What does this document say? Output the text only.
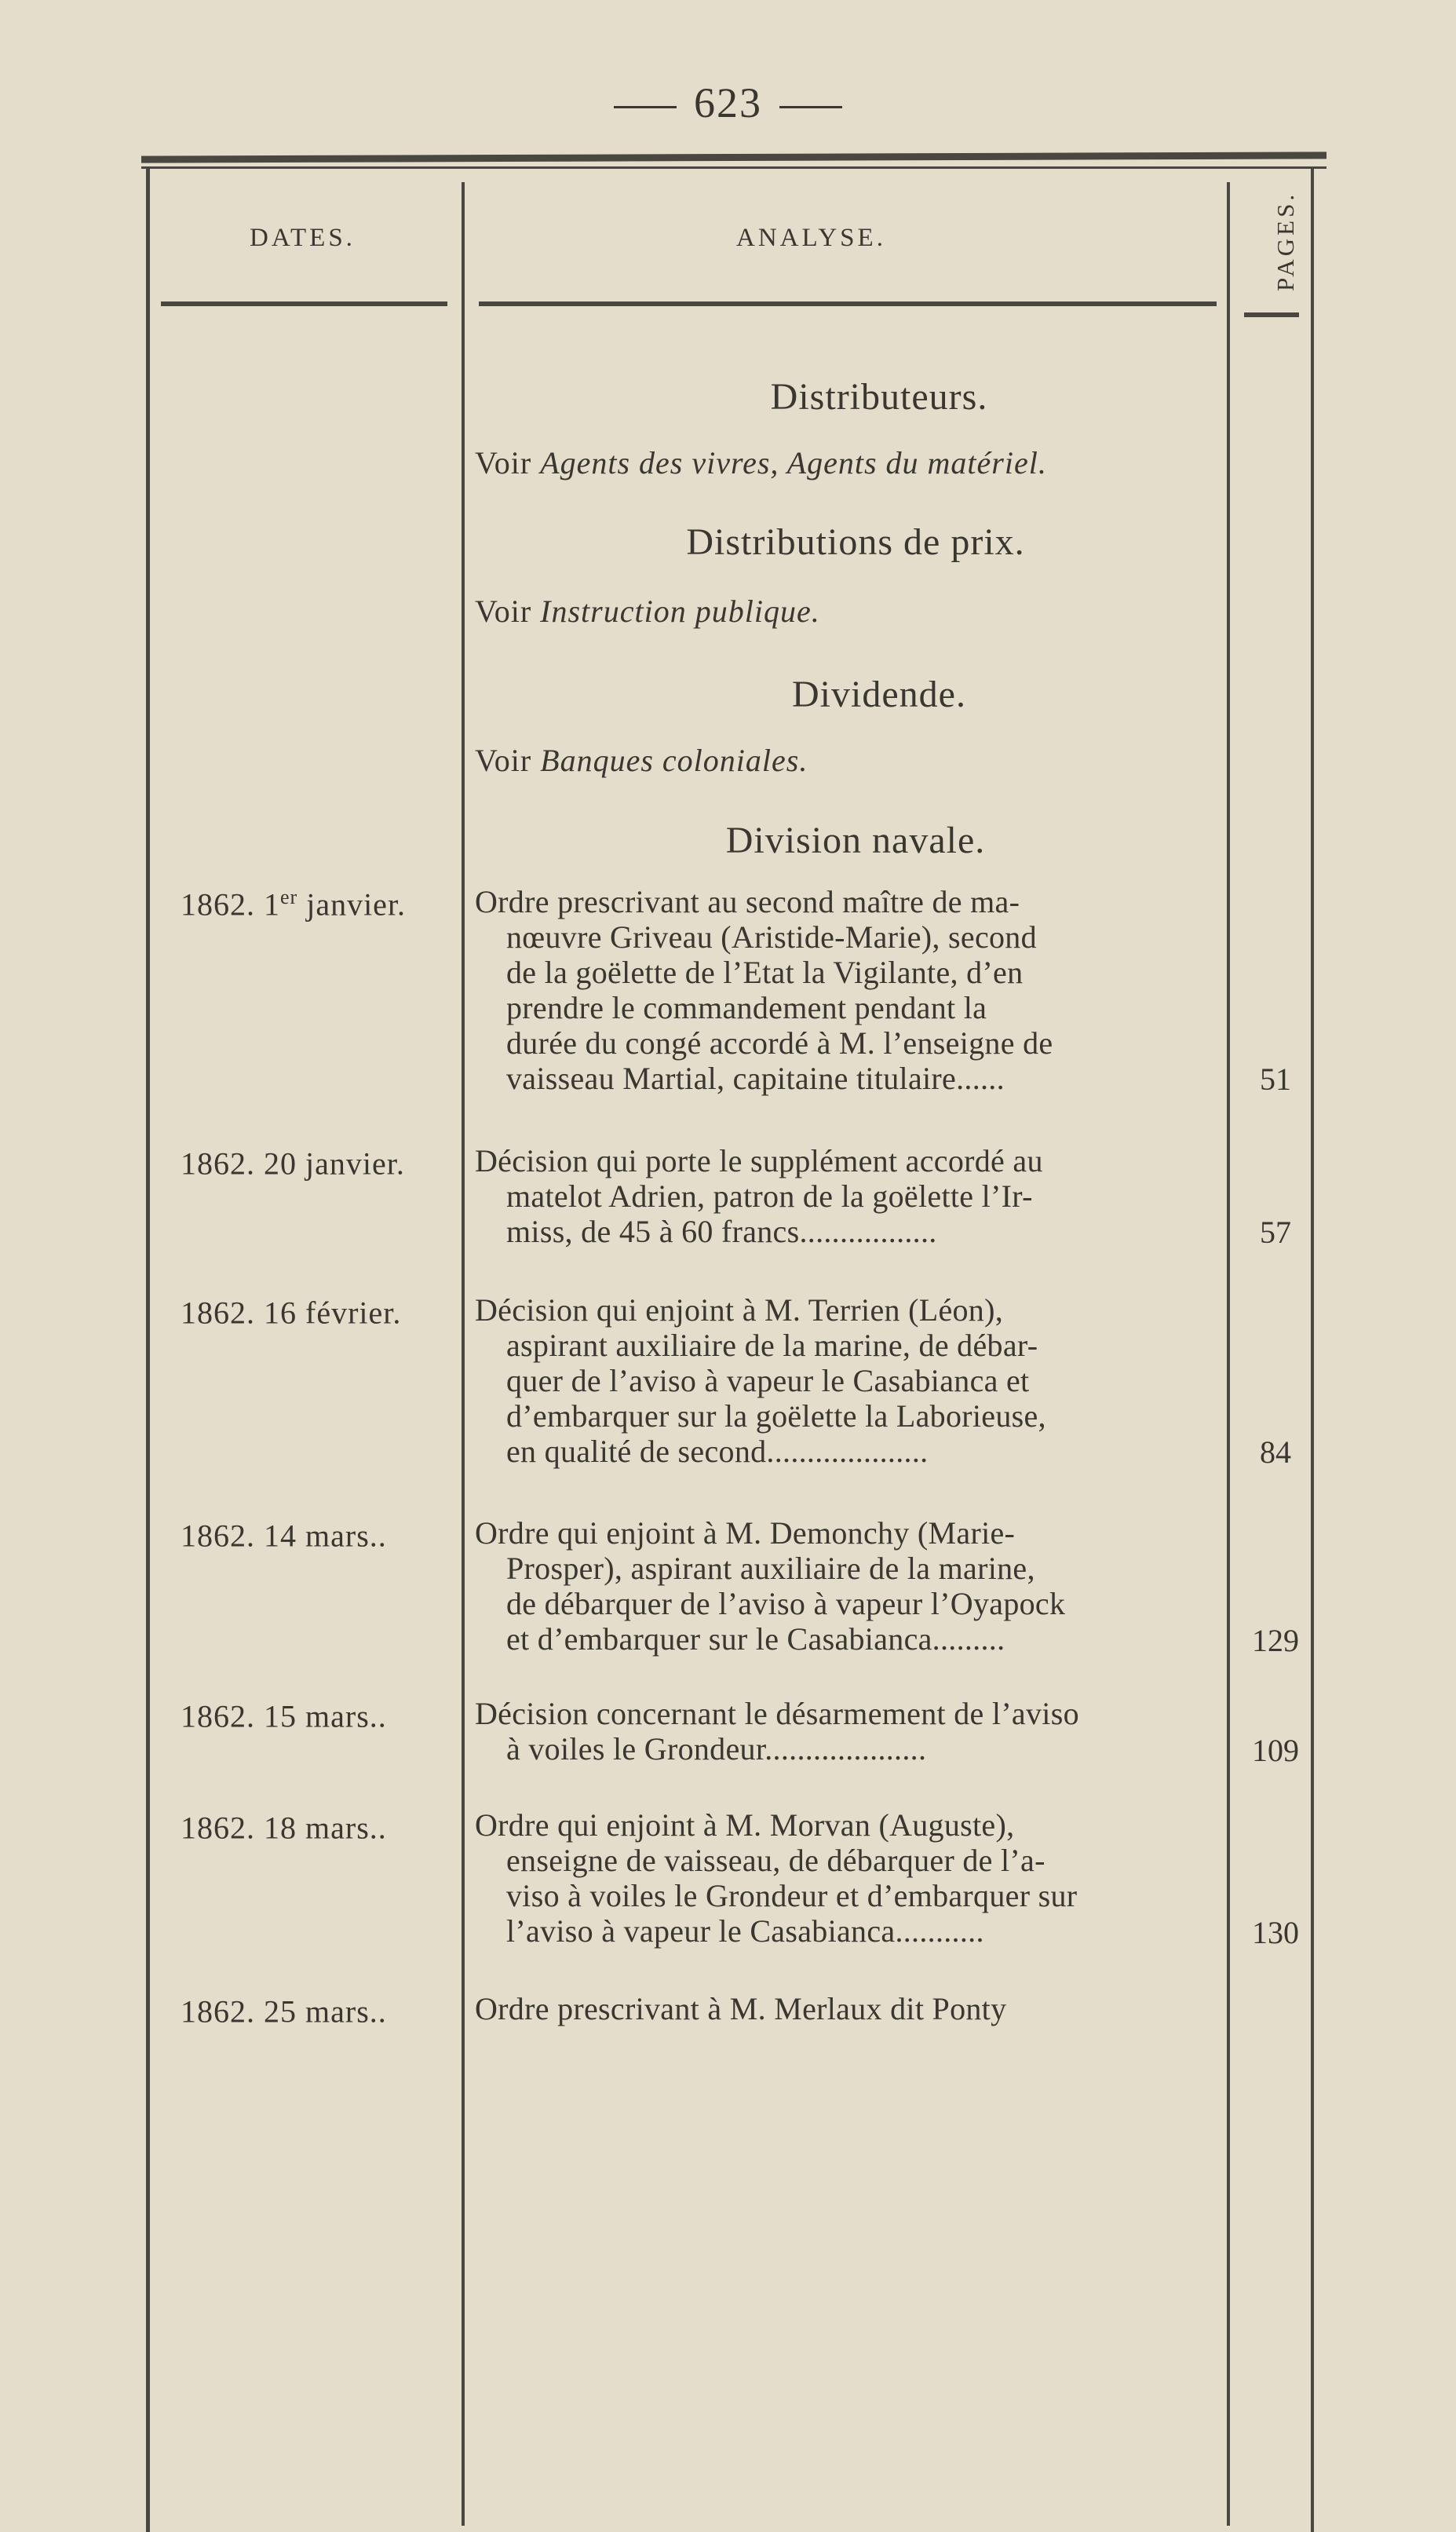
623
DATES.	ANALYSE.	PAGES.
Distributeurs.
Voir Agents des vivres, Agents du matériel.
Distributions de prix.
Voir Instruction publique.
Dividende.
Voir Banques coloniales.
Division navale.
1862. 1er janvier.	Ordre prescrivant au second maître de ma-
nœuvre Griveau (Aristide-Marie), second
de la goëlette de l’Etat la Vigilante, d’en
prendre le commandement pendant la
durée du congé accordé à M. l’enseigne de
vaisseau Martial, capitaine titulaire......	51
1862. 20 janvier.	Décision qui porte le supplément accordé au
matelot Adrien, patron de la goëlette l’Ir-
miss, de 45 à 60 francs.................	57
1862. 16 février.	Décision qui enjoint à M. Terrien (Léon),
aspirant auxiliaire de la marine, de débar-
quer de l’aviso à vapeur le Casabianca et
d’embarquer sur la goëlette la Laborieuse,
en qualité de second....................	84
1862. 14 mars..	Ordre qui enjoint à M. Demonchy (Marie-
Prosper), aspirant auxiliaire de la marine,
de débarquer de l’aviso à vapeur l’Oyapock
et d’embarquer sur le Casabianca.........	129
1862. 15 mars..	Décision concernant le désarmement de l’aviso
à voiles le Grondeur....................	109
1862. 18 mars..	Ordre qui enjoint à M. Morvan (Auguste),
enseigne de vaisseau, de débarquer de l’a-
viso à voiles le Grondeur et d’embarquer sur
l’aviso à vapeur le Casabianca...........	130
1862. 25 mars..	Ordre prescrivant à M. Merlaux dit Ponty
